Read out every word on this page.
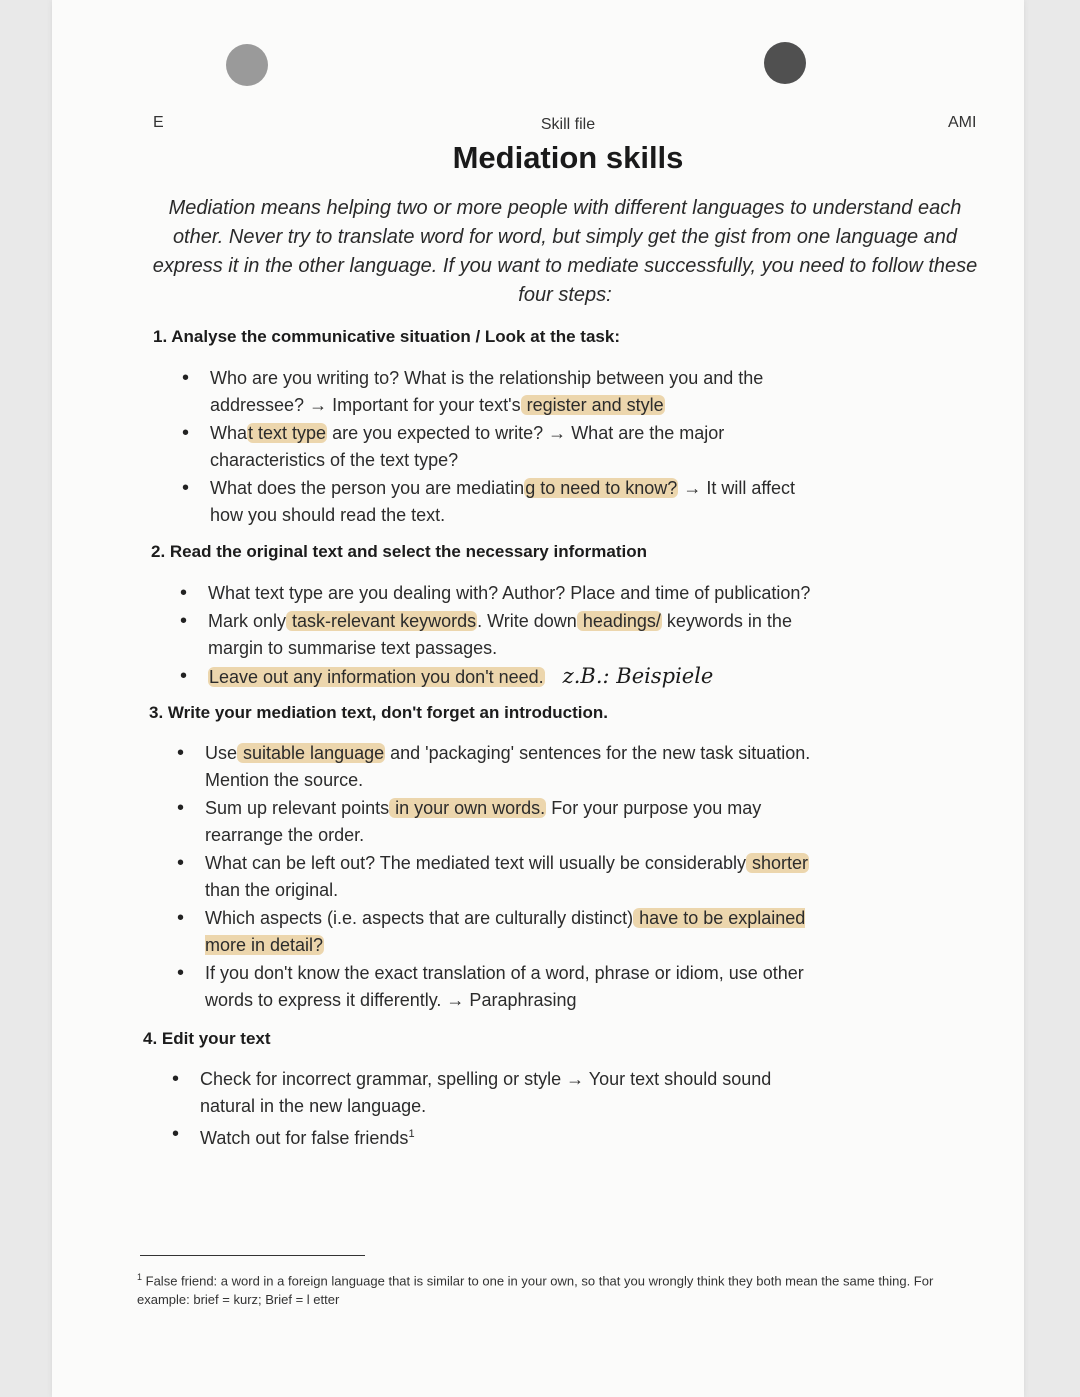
E	Skill file	AMI
Mediation skills
Mediation means helping two or more people with different languages to understand each other. Never try to translate word for word, but simply get the gist from one language and express it in the other language. If you want to mediate successfully, you need to follow these four steps:
1. Analyse the communicative situation / Look at the task:
• Who are you writing to? What is the relationship between you and the addressee? → Important for your text's register and style
• What text type are you expected to write? → What are the major characteristics of the text type?
• What does the person you are mediating to need to know? → It will affect how you should read the text.
2. Read the original text and select the necessary information
• What text type are you dealing with? Author? Place and time of publication?
• Mark only task-relevant keywords. Write down headings/ keywords in the margin to summarise text passages.
• Leave out any information you don't need. z.B.: Beispiele
3. Write your mediation text, don't forget an introduction.
• Use suitable language and 'packaging' sentences for the new task situation. Mention the source.
• Sum up relevant points in your own words. For your purpose you may rearrange the order.
• What can be left out? The mediated text will usually be considerably shorter than the original.
• Which aspects (i.e. aspects that are culturally distinct) have to be explained more in detail?
• If you don't know the exact translation of a word, phrase or idiom, use other words to express it differently. → Paraphrasing
4. Edit your text
• Check for incorrect grammar, spelling or style → Your text should sound natural in the new language.
• Watch out for false friends$^1$
$^1$ False friend: a word in a foreign language that is similar to one in your own, so that you wrongly think they both mean the same thing. For example: brief = kurz; Brief = l etter
